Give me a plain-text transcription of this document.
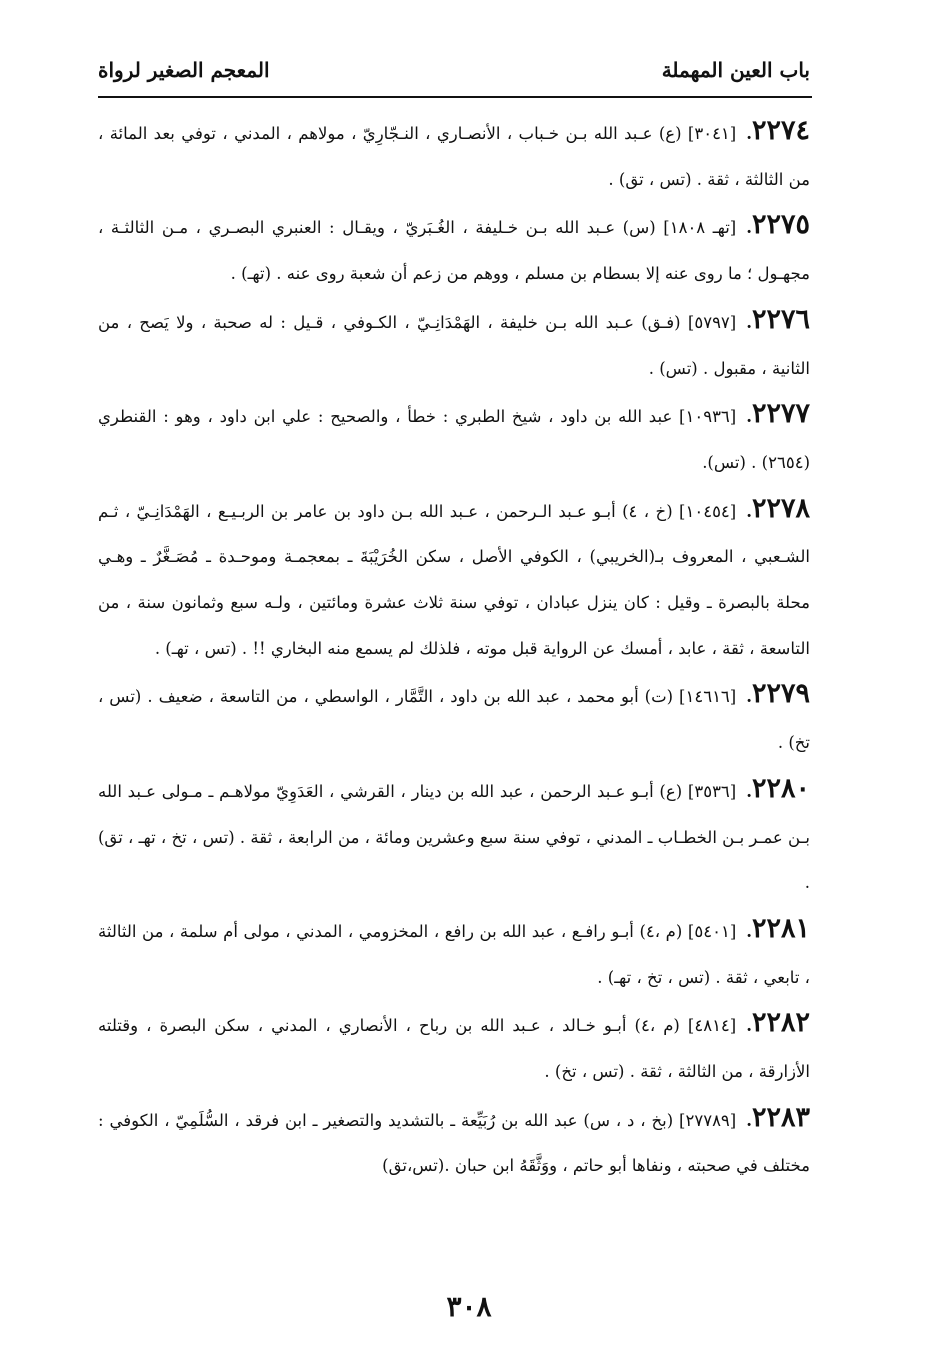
باب العين المهملة
المعجم الصغير لرواة

٢٢٧٤.[٣٠٤١] (ع) عـبد الله بـن خـباب ، الأنصـاري ، النـجّارِيّ ، مولاهم ، المدني ، توفي بعد المائة ، من الثالثة ، ثقة . (تس ، تق) .

٢٢٧٥.[تهـ ١٨٠٨] (س) عـبد الله بـن خـليفة ، الغُـبَريّ ، ويقـال : العنبري البصـري ، مـن الثالثـة ، مجهـول ؛ ما روى عنه إلا بسطام بن مسلم ، ووهم من زعم أن شعبة روى عنه . (تهـ) .

٢٢٧٦.[٥٧٩٧] (فـق) عـبد الله بـن خليفة ، الهَمْدَانِـيّ ، الكـوفي ، قـيل : له صحبة ، ولا يَصح ، من الثانية ، مقبول . (تس) .

٢٢٧٧.[١٠٩٣٦] عبد الله بن داود ، شيخ الطبري : خطأ ، والصحيح : علي ابن داود ، وهو : القنطري (٢٦٥٤) . (تس).

٢٢٧٨.[١٠٤٥٤] (خ ، ٤) أبـو عـبد الـرحمن ، عـبد الله بـن داود بن عامر بن الربـيـع ، الهَمْدَانِـيّ ، ثـم الشـعبي ، المعروف بـ(الخريبي) ، الكوفي الأصل ، سكن الخُرَيْبَةَ ـ بمعجمـة وموحـدة ـ مُصَـغَّرٌ ـ وهـي محلة بالبصرة ـ وقيل : كان ينزل عبادان ، توفي سنة ثلاث عشرة ومائتين ، ولـه سبع وثمانون سنة ، من التاسعة ، ثقة ، عابد ، أمسك عن الرواية قبل موته ، فلذلك لم يسمع منه البخاري !! . (تس ، تهـ) .

٢٢٧٩.[١٤٦١٦] (ت) أبو محمد ، عبد الله بن داود ، التَّمَّار ، الواسطي ، من التاسعة ، ضعيف . (تس ، تخ) .

٢٢٨٠.[٣٥٣٦] (ع) أبـو عـبد الرحمن ، عبد الله بن دينار ، القرشي ، العَدَوِيّ مولاهـم ـ مـولى عـبد الله بـن عمـر بـن الخطـاب ـ المدني ، توفي سنة سبع وعشرين ومائة ، من الرابعة ، ثقة . (تس ، تخ ، تهـ ، تق) .

٢٢٨١.[٥٤٠١] (م ،٤) أبـو رافـع ، عبد الله بن رافع ، المخزومي ، المدني ، مولى أم سلمة ، من الثالثة ، تابعي ، ثقة . (تس ، تخ ، تهـ) .

٢٢٨٢.[٤٨١٤] (م ،٤) أبـو خـالد ، عـبد الله بن رباح ، الأنصاري ، المدني ، سكن البصرة ، وقتلته الأزارقة ، من الثالثة ، ثقة . (تس ، تخ) .

٢٢٨٣.[٢٧٧٨٩] (بخ ، د ، س) عبد الله بن رُبَيِّعة ـ بالتشديد والتصغير ـ ابن فرقد ، السُّلَمِيّ ، الكوفي : مختلف في صحبته ، ونفاها أبو حاتم ، ووَثَّقَهُ ابن حبان .(تس،تق)

٣٠٨
